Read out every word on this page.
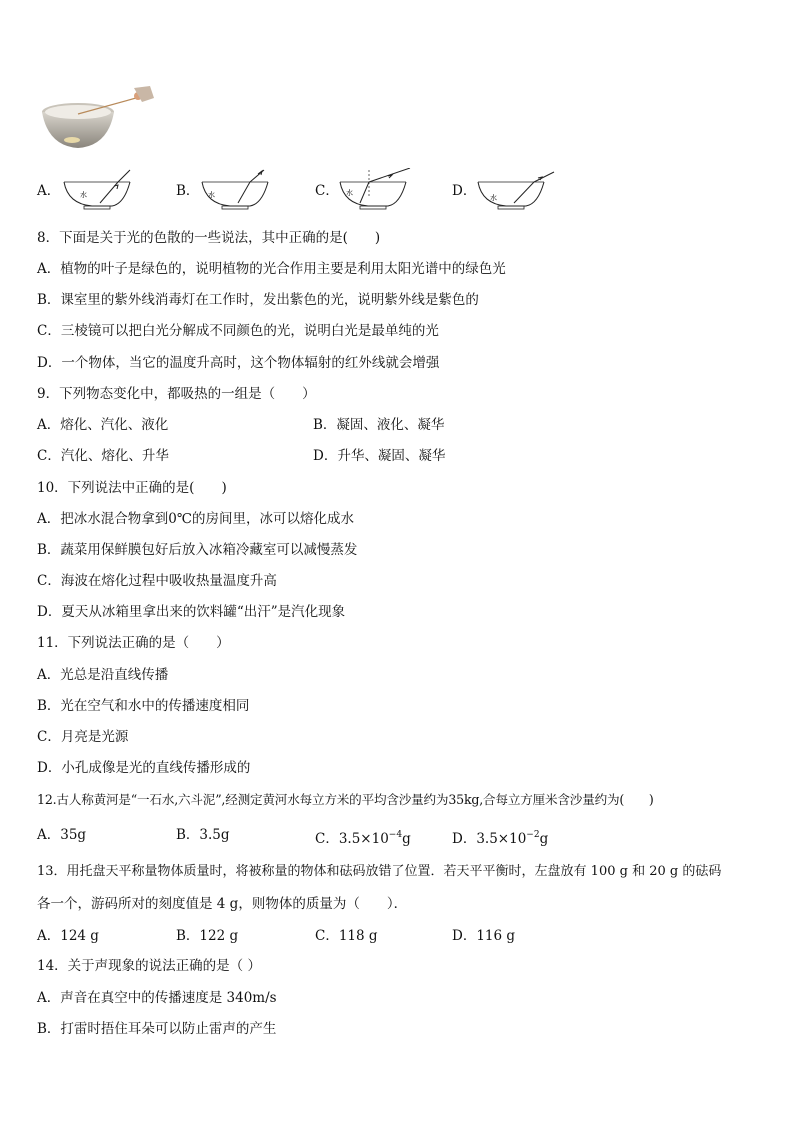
A．	B．	C．	D．
水	水	水
水
8．下面是关于光的色散的一些说法，其中正确的是(　　)
A．植物的叶子是绿色的，说明植物的光合作用主要是利用太阳光谱中的绿色光
B．课室里的紫外线消毒灯在工作时，发出紫色的光，说明紫外线是紫色的
C．三棱镜可以把白光分解成不同颜色的光，说明白光是最单纯的光
D．一个物体，当它的温度升高时，这个物体辐射的红外线就会增强
9．下列物态变化中，都吸热的一组是（　　）
A．熔化、汽化、液化	B．凝固、液化、凝华
C．汽化、熔化、升华	D．升华、凝固、凝华
10．下列说法中正确的是(　　)
A．把冰水混合物拿到0℃的房间里，冰可以熔化成水
B．蔬菜用保鲜膜包好后放入冰箱冷藏室可以减慢蒸发
C．海波在熔化过程中吸收热量温度升高
D．夏天从冰箱里拿出来的饮料罐“出汗”是汽化现象
11．下列说法正确的是（　　）
A．光总是沿直线传播
B．光在空气和水中的传播速度相同
C．月亮是光源
D．小孔成像是光的直线传播形成的
12.古人称黄河是“一石水,六斗泥”,经测定黄河水每立方米的平均含沙量约为35kg,合每立方厘米含沙量约为(　　)
A．35g	B．3.5g	C．$3.5\times 10^{-4}g$	D．$3.5\times 10^{-2}g$
13．用托盘天平称量物体质量时，将被称量的物体和砝码放错了位置．若天平平衡时，左盘放有 100 g 和 20 g 的砝码
各一个，游码所对的刻度值是 4 g，则物体的质量为（　　）．
A．124 g	B．122 g	C．118 g	D．116 g
14．关于声现象的说法正确的是（ ）
A．声音在真空中的传播速度是 340m/s
B．打雷时捂住耳朵可以防止雷声的产生
